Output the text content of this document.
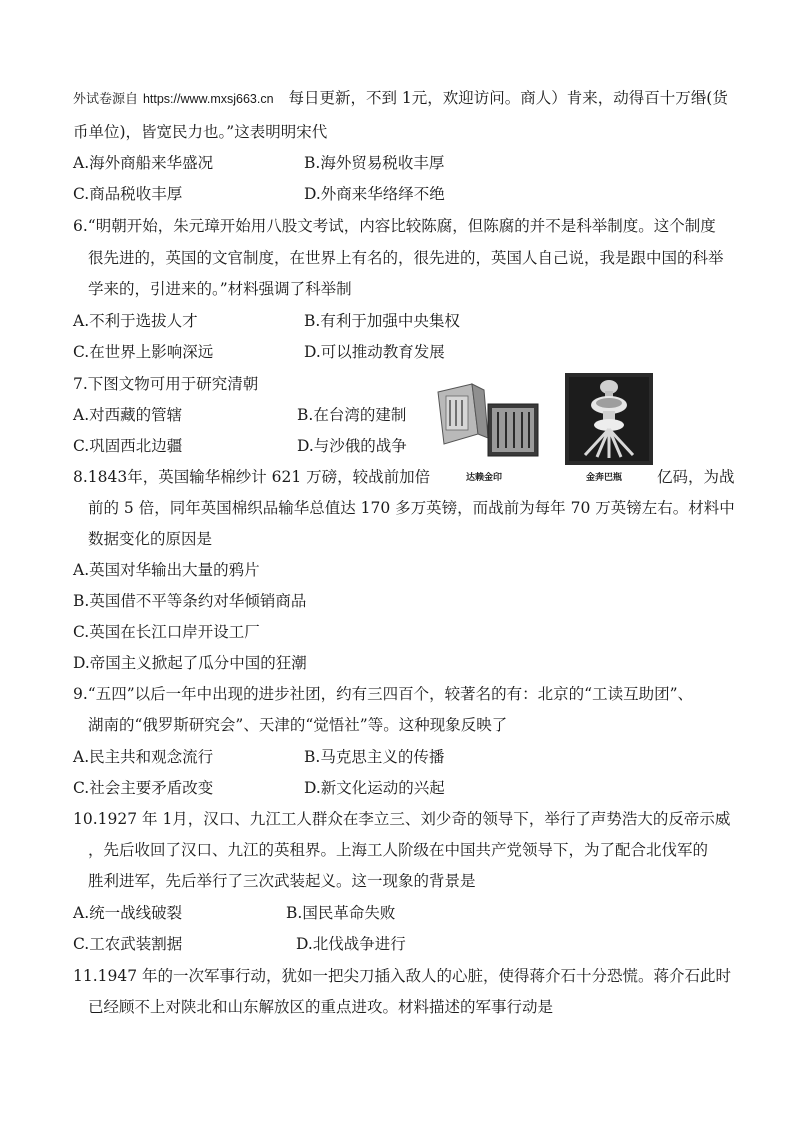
外试卷源自 https://www.mxsj663.cn 每日更新，不到 1元，欢迎访问。商人）肯来，动得百十万缗(货
币单位)，皆宽民力也。”这表明明宋代
A.海外商船来华盛况	B.海外贸易税收丰厚
C.商品税收丰厚	D.外商来华络绎不绝
6.“明朝开始，朱元璋开始用八股文考试，内容比较陈腐，但陈腐的并不是科举制度。这个制度
很先进的，英国的文官制度，在世界上有名的，很先进的，英国人自己说，我是跟中国的科举
学来的，引进来的。”材料强调了科举制
A.不利于选拔人才	B.有利于加强中央集权
C.在世界上影响深远	D.可以推动教育发展
7.下图文物可用于研究清朝
A.对西藏的管辖	B.在台湾的建制
C.巩固西北边疆	D.与沙俄的战争
达赖金印	金奔巴瓶
8.1843年，英国输华棉纱计 621 万磅，较战前加倍	亿码，为战
前的 5 倍，同年英国棉织品输华总值达 170 多万英镑，而战前为每年 70 万英镑左右。材料中
数据变化的原因是
A.英国对华输出大量的鸦片
B.英国借不平等条约对华倾销商品
C.英国在长江口岸开设工厂
D.帝国主义掀起了瓜分中国的狂潮
9.“五四”以后一年中出现的进步社团，约有三四百个，较著名的有：北京的“工读互助团”、
湖南的“俄罗斯研究会”、天津的“觉悟社”等。这种现象反映了
A.民主共和观念流行	B.马克思主义的传播
C.社会主要矛盾改变	D.新文化运动的兴起
10.1927 年 1月，汉口、九江工人群众在李立三、刘少奇的领导下，举行了声势浩大的反帝示威
，先后收回了汉口、九江的英租界。上海工人阶级在中国共产党领导下，为了配合北伐军的
胜利进军，先后举行了三次武装起义。这一现象的背景是
A.统一战线破裂	B.国民革命失败
C.工农武装割据	D.北伐战争进行
11.1947 年的一次军事行动，犹如一把尖刀插入敌人的心脏，使得蒋介石十分恐慌。蒋介石此时
已经顾不上对陕北和山东解放区的重点进攻。材料描述的军事行动是
